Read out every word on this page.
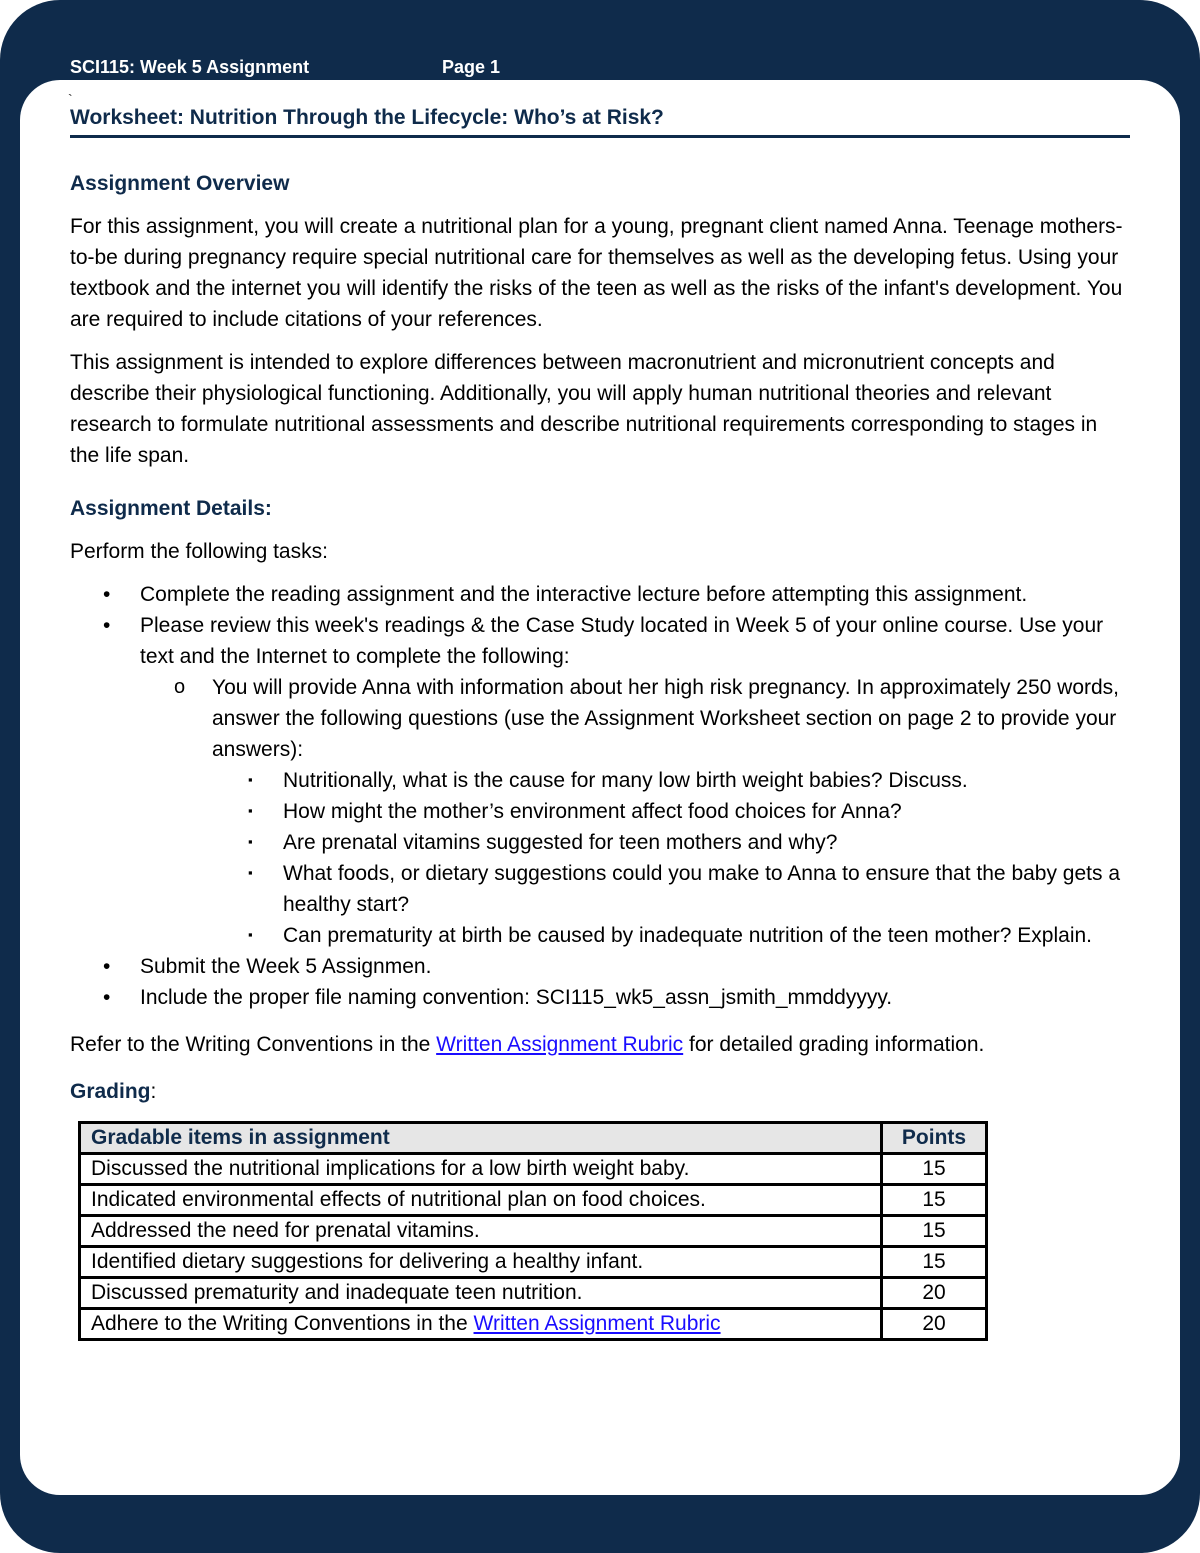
SCI115: Week 5 Assignment	Page 1
`
Worksheet: Nutrition Through the Lifecycle: Who’s at Risk?
Assignment Overview

For this assignment, you will create a nutritional plan for a young, pregnant client named Anna. Teenage mothers-to-be during pregnancy require special nutritional care for themselves as well as the developing fetus. Using your textbook and the internet you will identify the risks of the teen as well as the risks of the infant's development. You are required to include citations of your references.

This assignment is intended to explore differences between macronutrient and micronutrient concepts and describe their physiological functioning. Additionally, you will apply human nutritional theories and relevant research to formulate nutritional assessments and describe nutritional requirements corresponding to stages in the life span.

Assignment Details:

Perform the following tasks:

• Complete the reading assignment and the interactive lecture before attempting this assignment.
• Please review this week's readings & the Case Study located in Week 5 of your online course. Use your text and the Internet to complete the following:
o You will provide Anna with information about her high risk pregnancy. In approximately 250 words, answer the following questions (use the Assignment Worksheet section on page 2 to provide your answers):
▪ Nutritionally, what is the cause for many low birth weight babies? Discuss.
▪ How might the mother’s environment affect food choices for Anna?
▪ Are prenatal vitamins suggested for teen mothers and why?
▪ What foods, or dietary suggestions could you make to Anna to ensure that the baby gets a healthy start?
▪ Can prematurity at birth be caused by inadequate nutrition of the teen mother? Explain.
• Submit the Week 5 Assignmen.
• Include the proper file naming convention: SCI115_wk5_assn_jsmith_mmddyyyy.

Refer to the Writing Conventions in the Written Assignment Rubric for detailed grading information.

Grading:

Gradable items in assignment	Points
Discussed the nutritional implications for a low birth weight baby.	15
Indicated environmental effects of nutritional plan on food choices.	15
Addressed the need for prenatal vitamins.	15
Identified dietary suggestions for delivering a healthy infant.	15
Discussed prematurity and inadequate teen nutrition.	20
Adhere to the Writing Conventions in the Written Assignment Rubric	20
